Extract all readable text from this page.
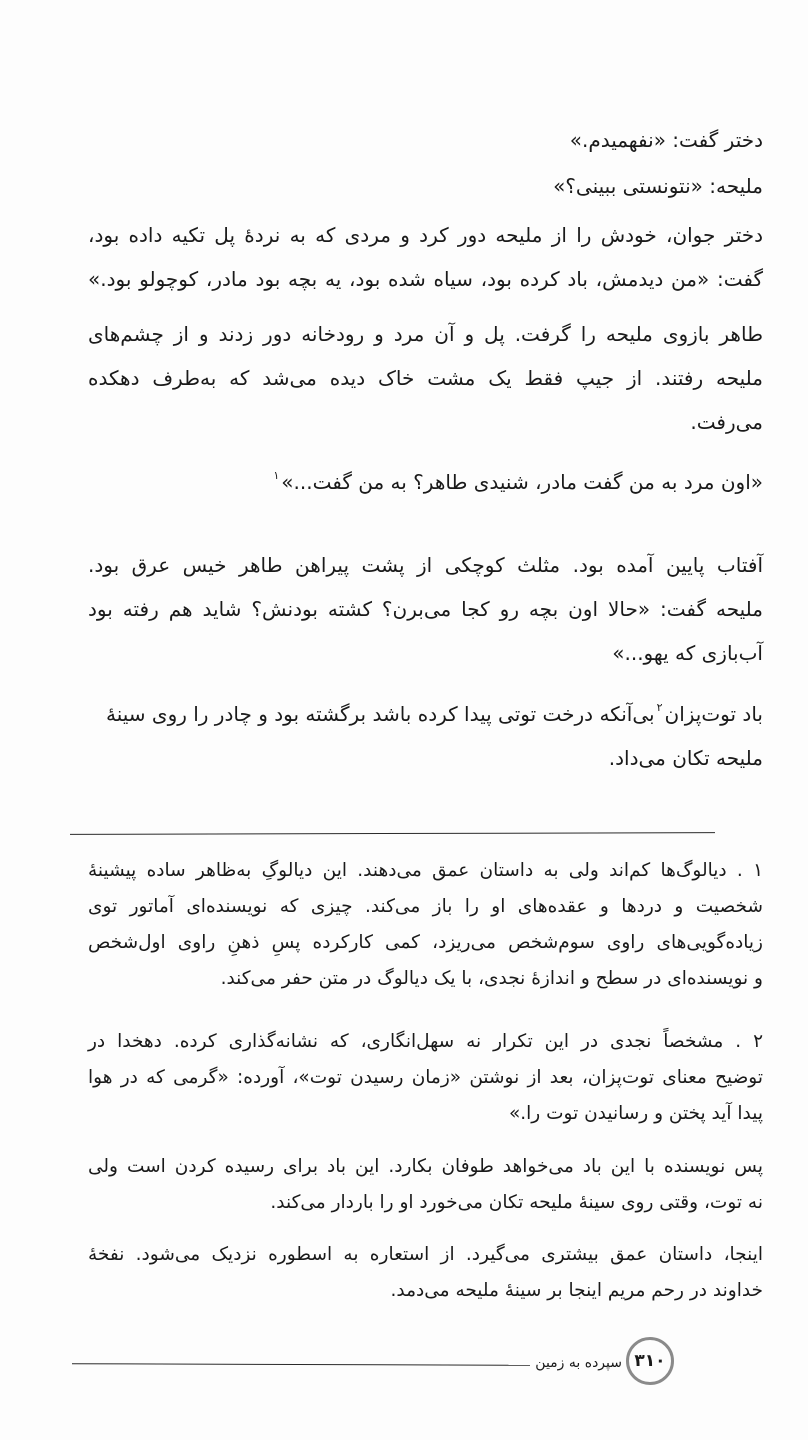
دختر گفت: «نفهمیدم.»
ملیحه: «نتونستی ببینی؟»
دختر جوان، خودش را از ملیحه دور کرد و مردی که به نردهٔ پل تکیه داده بود،
گفت: «من دیدمش، باد کرده بود، سیاه شده بود، یه بچه بود مادر، کوچولو بود.»
طاهر بازوی ملیحه را گرفت. پل و آن مرد و رودخانه دور زدند و از چشم‌های
ملیحه رفتند. از جیپ فقط یک مشت خاک دیده می‌شد که به‌طرف دهکده
می‌رفت.
«اون مرد به من گفت مادر، شنیدی طاهر؟ به من گفت...»$^۱$
آفتاب پایین آمده بود. مثلث کوچکی از پشت پیراهن طاهر خیس عرق بود.
ملیحه گفت: «حالا اون بچه رو کجا می‌برن؟ کشته بودنش؟ شاید هم رفته بود
آب‌بازی که یهو...»
باد توت‌پزان$^۲$بی‌آنکه درخت توتی پیدا کرده باشد برگشته بود و چادر را روی سینهٔ
ملیحه تکان می‌داد.
۱ . دیالوگ‌ها کم‌اند ولی به داستان عمق می‌دهند. این دیالوگِ به‌ظاهر ساده پیشینهٔ
شخصیت و دردها و عقده‌های او را باز می‌کند. چیزی که نویسنده‌ای آماتور توی
زیاده‌گویی‌های راوی سوم‌شخص می‌ریزد، کمی کارکرده پسِ ذهنِ راوی اول‌شخص
و نویسنده‌ای در سطح و اندازهٔ نجدی، با یک دیالوگ در متن حفر می‌کند.
۲ . مشخصاً نجدی در این تکرار نه سهل‌انگاری، که نشانه‌گذاری کرده. دهخدا در
توضیح معنای توت‌پزان، بعد از نوشتن «زمان رسیدن توت»، آورده: «گرمی که در هوا
پیدا آید پختن و رسانیدن توت را.»
پس نویسنده با این باد می‌خواهد طوفان بکارد. این باد برای رسیده کردن است ولی
نه توت، وقتی روی سینهٔ ملیحه تکان می‌خورد او را باردار می‌کند.
اینجا، داستان عمق بیشتری می‌گیرد. از استعاره به اسطوره نزدیک می‌شود. نفخهٔ
خداوند در رحم مریم اینجا بر سینهٔ ملیحه می‌دمد.
سپرده به زمین ۳۱۰
